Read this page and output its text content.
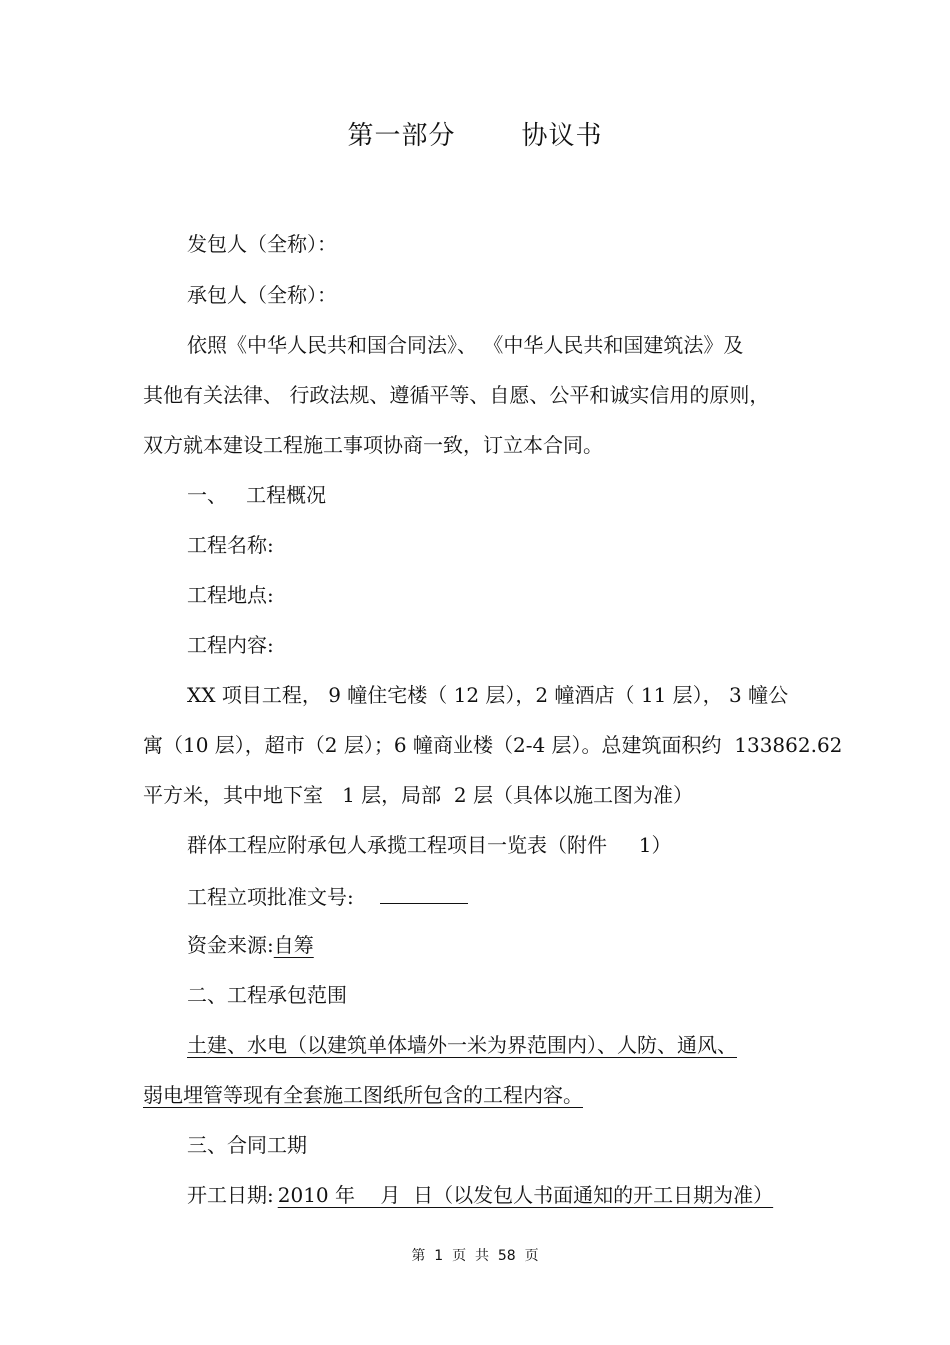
第一部分	协议书
发包人（全称）：
承包人（全称）：
依照《中华人民共和国合同法》、 《中华人民共和国建筑法》及
其他有关法律、 行政法规、遵循平等、自愿、公平和诚实信用的原则，
双方就本建设工程施工事项协商一致，订立本合同。
一、   工程概况
工程名称:
工程地点:
工程内容:
XX 项目工程， 9 幢住宅楼（ 12 层），2 幢酒店（ 11 层）， 3 幢公
寓（10 层），超市（2 层）；6 幢商业楼（2-4 层）。总建筑面积约  133862.62
平方米，其中地下室   1 层，局部  2 层（具体以施工图为准）
群体工程应附承包人承揽工程项目一览表（附件     1）
工程立项批准文号:
资金来源:自筹
二、工程承包范围
土建、水电（以建筑单体墙外一米为界范围内）、人防、通风、
弱电埋管等现有全套施工图纸所包含的工程内容。
三、合同工期
开工日期: 2010 年    月  日（以发包人书面通知的开工日期为准）
第  1  页  共  58  页
